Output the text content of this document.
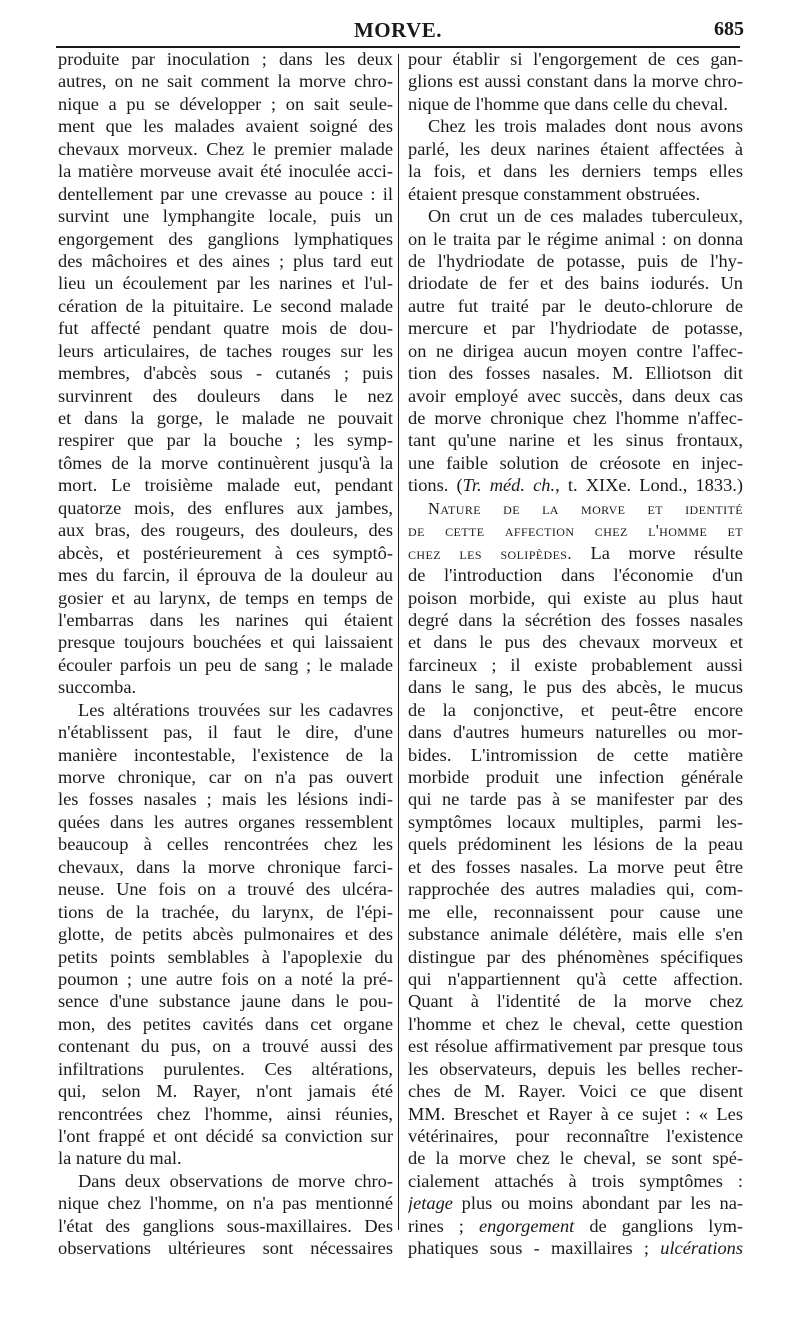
MORVE.	685
produite par inoculation ; dans les deux
autres, on ne sait comment la morve chro-
nique a pu se développer ; on sait seule-
ment que les malades avaient soigné des
chevaux morveux. Chez le premier malade
la matière morveuse avait été inoculée acci-
dentellement par une crevasse au pouce : il
survint une lymphangite locale, puis un
engorgement des ganglions lymphatiques
des mâchoires et des aines ; plus tard eut
lieu un écoulement par les narines et l'ul-
cération de la pituitaire. Le second malade
fut affecté pendant quatre mois de dou-
leurs articulaires, de taches rouges sur les
membres, d'abcès sous - cutanés ; puis
survinrent des douleurs dans le nez
et dans la gorge, le malade ne pouvait
respirer que par la bouche ; les symp-
tômes de la morve continuèrent jusqu'à la
mort. Le troisième malade eut, pendant
quatorze mois, des enflures aux jambes,
aux bras, des rougeurs, des douleurs, des
abcès, et postérieurement à ces symptô-
mes du farcin, il éprouva de la douleur au
gosier et au larynx, de temps en temps de
l'embarras dans les narines qui étaient
presque toujours bouchées et qui laissaient
écouler parfois un peu de sang ; le malade
succomba.
Les altérations trouvées sur les cadavres
n'établissent pas, il faut le dire, d'une
manière incontestable, l'existence de la
morve chronique, car on n'a pas ouvert
les fosses nasales ; mais les lésions indi-
quées dans les autres organes ressemblent
beaucoup à celles rencontrées chez les
chevaux, dans la morve chronique farci-
neuse. Une fois on a trouvé des ulcéra-
tions de la trachée, du larynx, de l'épi-
glotte, de petits abcès pulmonaires et des
petits points semblables à l'apoplexie du
poumon ; une autre fois on a noté la pré-
sence d'une substance jaune dans le pou-
mon, des petites cavités dans cet organe
contenant du pus, on a trouvé aussi des
infiltrations purulentes. Ces altérations,
qui, selon M. Rayer, n'ont jamais été
rencontrées chez l'homme, ainsi réunies,
l'ont frappé et ont décidé sa conviction sur
la nature du mal.
Dans deux observations de morve chro-
nique chez l'homme, on n'a pas mentionné
l'état des ganglions sous-maxillaires. Des
observations ultérieures sont nécessaires
pour établir si l'engorgement de ces gan-
glions est aussi constant dans la morve chro-
nique de l'homme que dans celle du cheval.
Chez les trois malades dont nous avons
parlé, les deux narines étaient affectées à
la fois, et dans les derniers temps elles
étaient presque constamment obstruées.
On crut un de ces malades tuberculeux,
on le traita par le régime animal : on donna
de l'hydriodate de potasse, puis de l'hy-
driodate de fer et des bains iodurés. Un
autre fut traité par le deuto-chlorure de
mercure et par l'hydriodate de potasse,
on ne dirigea aucun moyen contre l'affec-
tion des fosses nasales. M. Elliotson dit
avoir employé avec succès, dans deux cas
de morve chronique chez l'homme n'affec-
tant qu'une narine et les sinus frontaux,
une faible solution de créosote en injec-
tions. (Tr. méd. ch., t. XIXe. Lond., 1833.)
Nature de la morve et identité
de cette affection chez l'homme et
chez les solipèdes. La morve résulte
de l'introduction dans l'économie d'un
poison morbide, qui existe au plus haut
degré dans la sécrétion des fosses nasales
et dans le pus des chevaux morveux et
farcineux ; il existe probablement aussi
dans le sang, le pus des abcès, le mucus
de la conjonctive, et peut-être encore
dans d'autres humeurs naturelles ou mor-
bides. L'intromission de cette matière
morbide produit une infection générale
qui ne tarde pas à se manifester par des
symptômes locaux multiples, parmi les-
quels prédominent les lésions de la peau
et des fosses nasales. La morve peut être
rapprochée des autres maladies qui, com-
me elle, reconnaissent pour cause une
substance animale délétère, mais elle s'en
distingue par des phénomènes spécifiques
qui n'appartiennent qu'à cette affection.
Quant à l'identité de la morve chez
l'homme et chez le cheval, cette question
est résolue affirmativement par presque tous
les observateurs, depuis les belles recher-
ches de M. Rayer. Voici ce que disent
MM. Breschet et Rayer à ce sujet : « Les
vétérinaires, pour reconnaître l'existence
de la morve chez le cheval, se sont spé-
cialement attachés à trois symptômes :
jetage plus ou moins abondant par les na-
rines ; engorgement de ganglions lym-
phatiques sous - maxillaires ; ulcérations
